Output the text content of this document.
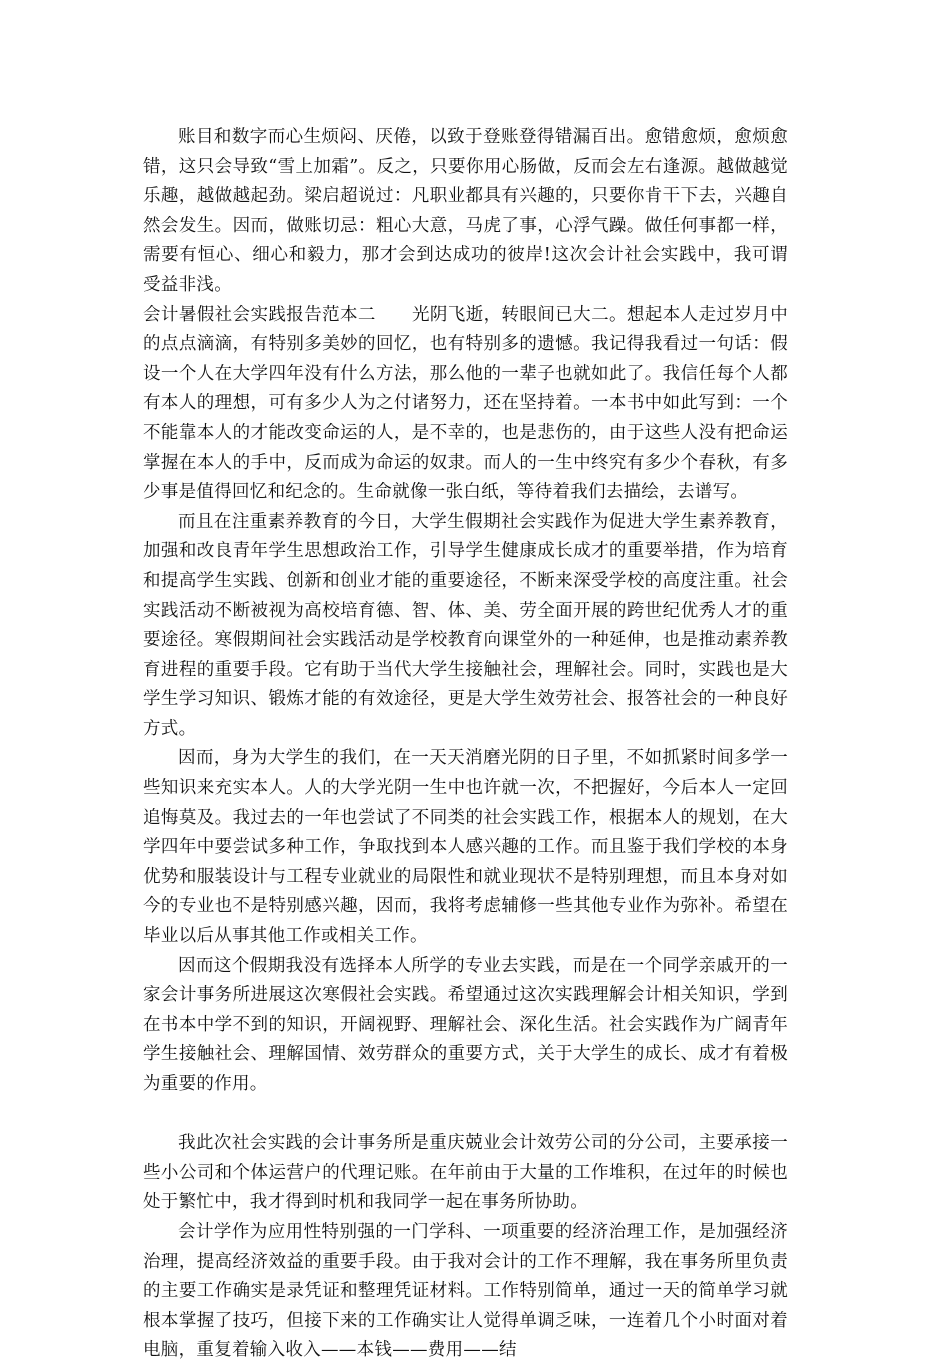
账目和数字而心生烦闷、厌倦，以致于登账登得错漏百出。愈错愈烦，愈烦愈错，这只会导致“雪上加霜”。反之，只要你用心肠做，反而会左右逢源。越做越觉乐趣，越做越起劲。梁启超说过：凡职业都具有兴趣的，只要你肯干下去，兴趣自然会发生。因而，做账切忌：粗心大意，马虎了事，心浮气躁。做任何事都一样，需要有恒心、细心和毅力，那才会到达成功的彼岸!这次会计社会实践中，我可谓受益非浅。

会计暑假社会实践报告范本二 光阴飞逝，转眼间已大二。想起本人走过岁月中的点点滴滴，有特别多美妙的回忆，也有特别多的遗憾。我记得我看过一句话：假设一个人在大学四年没有什么方法，那么他的一辈子也就如此了。我信任每个人都有本人的理想，可有多少人为之付诸努力，还在坚持着。一本书中如此写到：一个不能靠本人的才能改变命运的人，是不幸的，也是悲伤的，由于这些人没有把命运掌握在本人的手中，反而成为命运的奴隶。而人的一生中终究有多少个春秋，有多少事是值得回忆和纪念的。生命就像一张白纸，等待着我们去描绘，去谱写。

而且在注重素养教育的今日，大学生假期社会实践作为促进大学生素养教育，加强和改良青年学生思想政治工作，引导学生健康成长成才的重要举措，作为培育和提高学生实践、创新和创业才能的重要途径，不断来深受学校的高度注重。社会实践活动不断被视为高校培育德、智、体、美、劳全面开展的跨世纪优秀人才的重要途径。寒假期间社会实践活动是学校教育向课堂外的一种延伸，也是推动素养教育进程的重要手段。它有助于当代大学生接触社会，理解社会。同时，实践也是大学生学习知识、锻炼才能的有效途径，更是大学生效劳社会、报答社会的一种良好方式。

因而，身为大学生的我们，在一天天消磨光阴的日子里，不如抓紧时间多学一些知识来充实本人。人的大学光阴一生中也许就一次，不把握好，今后本人一定回追悔莫及。我过去的一年也尝试了不同类的社会实践工作，根据本人的规划，在大学四年中要尝试多种工作，争取找到本人感兴趣的工作。而且鉴于我们学校的本身优势和服装设计与工程专业就业的局限性和就业现状不是特别理想，而且本身对如今的专业也不是特别感兴趣，因而，我将考虑辅修一些其他专业作为弥补。希望在毕业以后从事其他工作或相关工作。

因而这个假期我没有选择本人所学的专业去实践，而是在一个同学亲戚开的一家会计事务所进展这次寒假社会实践。希望通过这次实践理解会计相关知识，学到在书本中学不到的知识，开阔视野、理解社会、深化生活。社会实践作为广阔青年学生接触社会、理解国情、效劳群众的重要方式，关于大学生的成长、成才有着极为重要的作用。

我此次社会实践的会计事务所是重庆兢业会计效劳公司的分公司，主要承接一些小公司和个体运营户的代理记账。在年前由于大量的工作堆积，在过年的时候也处于繁忙中，我才得到时机和我同学一起在事务所协助。

会计学作为应用性特别强的一门学科、一项重要的经济治理工作，是加强经济治理，提高经济效益的重要手段。由于我对会计的工作不理解，我在事务所里负责的主要工作确实是录凭证和整理凭证材料。工作特别简单，通过一天的简单学习就根本掌握了技巧，但接下来的工作确实让人觉得单调乏味，一连着几个小时面对着电脑，重复着输入收入——本钱——费用——结
